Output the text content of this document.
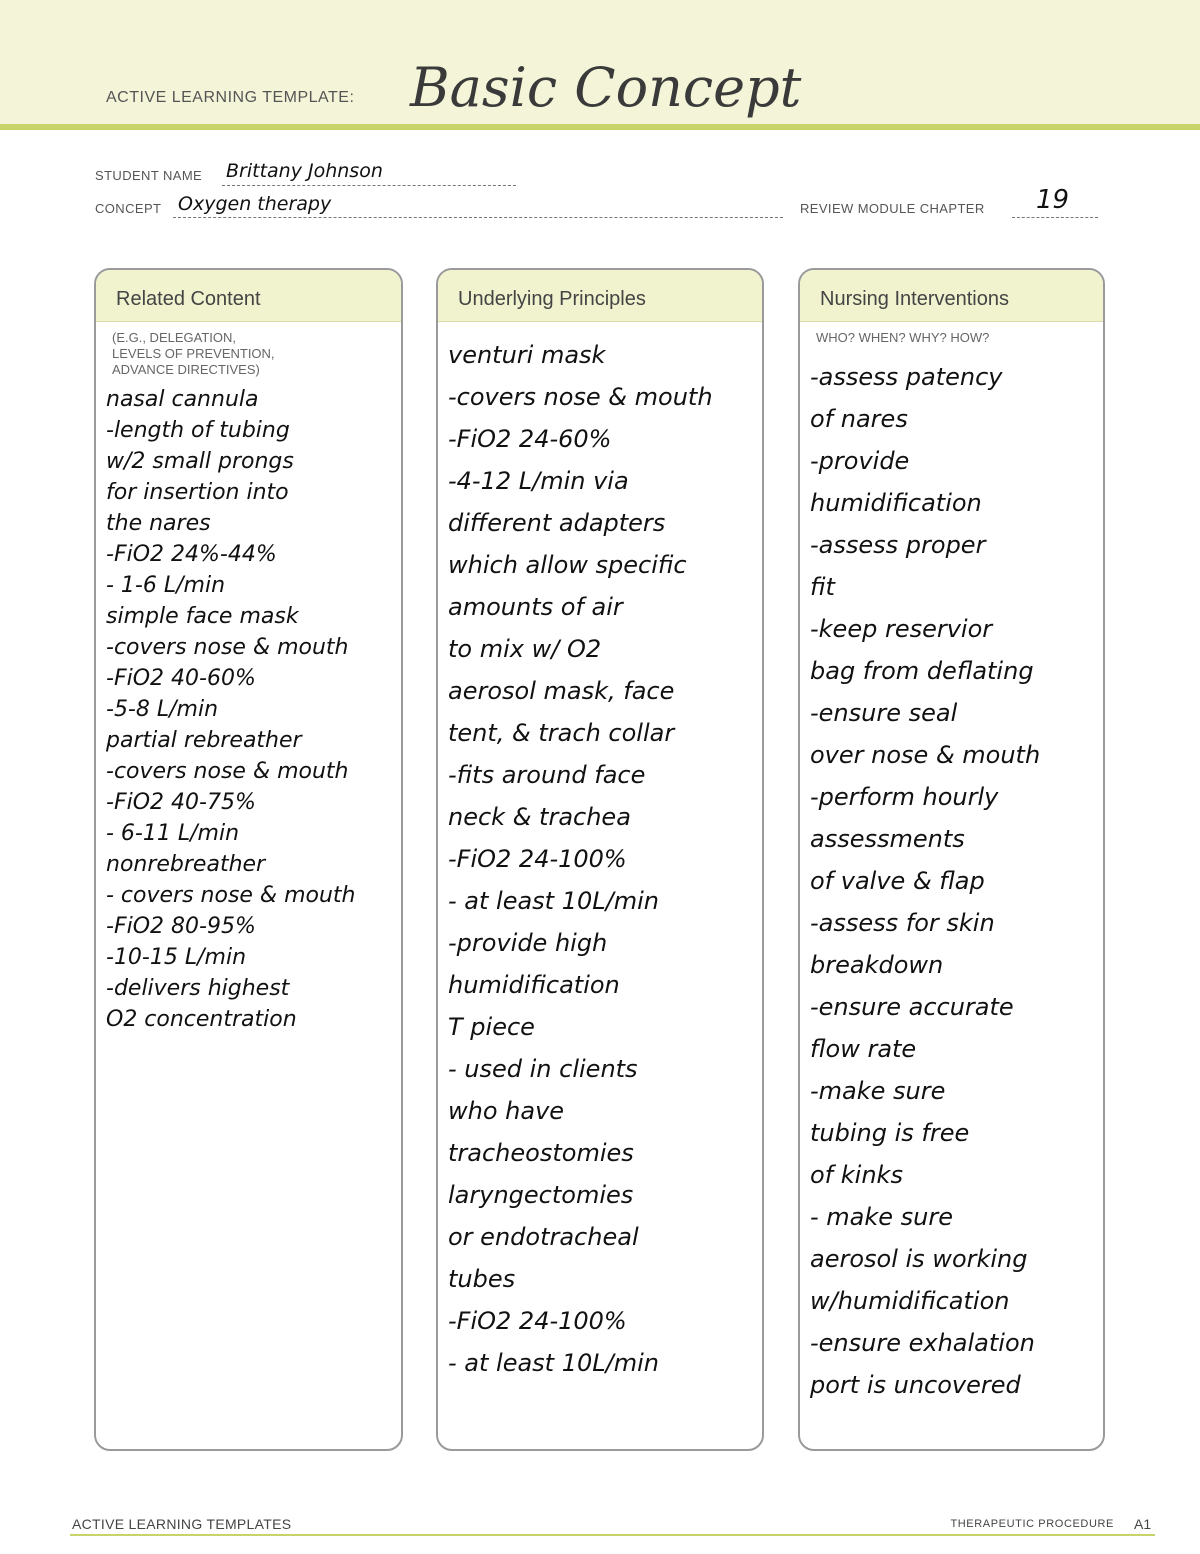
ACTIVE LEARNING TEMPLATE: Basic Concept
STUDENT NAME Brittany Johnson
CONCEPT Oxygen therapy	REVIEW MODULE CHAPTER 19
Related Content
(E.G., DELEGATION,
LEVELS OF PREVENTION,
ADVANCE DIRECTIVES)
nasal cannula
-length of tubing
w/2 small prongs
for insertion into
the nares
-FiO2 24%-44%
- 1-6 L/min
simple face mask
-covers nose & mouth
-FiO2 40-60%
-5-8 L/min
partial rebreather
-covers nose & mouth
-FiO2 40-75%
- 6-11 L/min
nonrebreather
- covers nose & mouth
-FiO2 80-95%
-10-15 L/min
-delivers highest
O2 concentration
Underlying Principles
venturi mask
-covers nose & mouth
-FiO2 24-60%
-4-12 L/min via
different adapters
which allow specific
amounts of air
to mix w/ O2
aerosol mask, face
tent, & trach collar
-fits around face
neck & trachea
-FiO2 24-100%
- at least 10L/min
-provide high
humidification
T piece
- used in clients
who have
tracheostomies
laryngectomies
or endotracheal
tubes
-FiO2 24-100%
- at least 10L/min
Nursing Interventions
WHO? WHEN? WHY? HOW?
-assess patency
of nares
-provide
humidification
-assess proper
fit
-keep reservior
bag from deflating
-ensure seal
over nose & mouth
-perform hourly
assessments
of valve & flap
-assess for skin
breakdown
-ensure accurate
flow rate
-make sure
tubing is free
of kinks
- make sure
aerosol is working
w/humidification
-ensure exhalation
port is uncovered
ACTIVE LEARNING TEMPLATES	THERAPEUTIC PROCEDURE A1
